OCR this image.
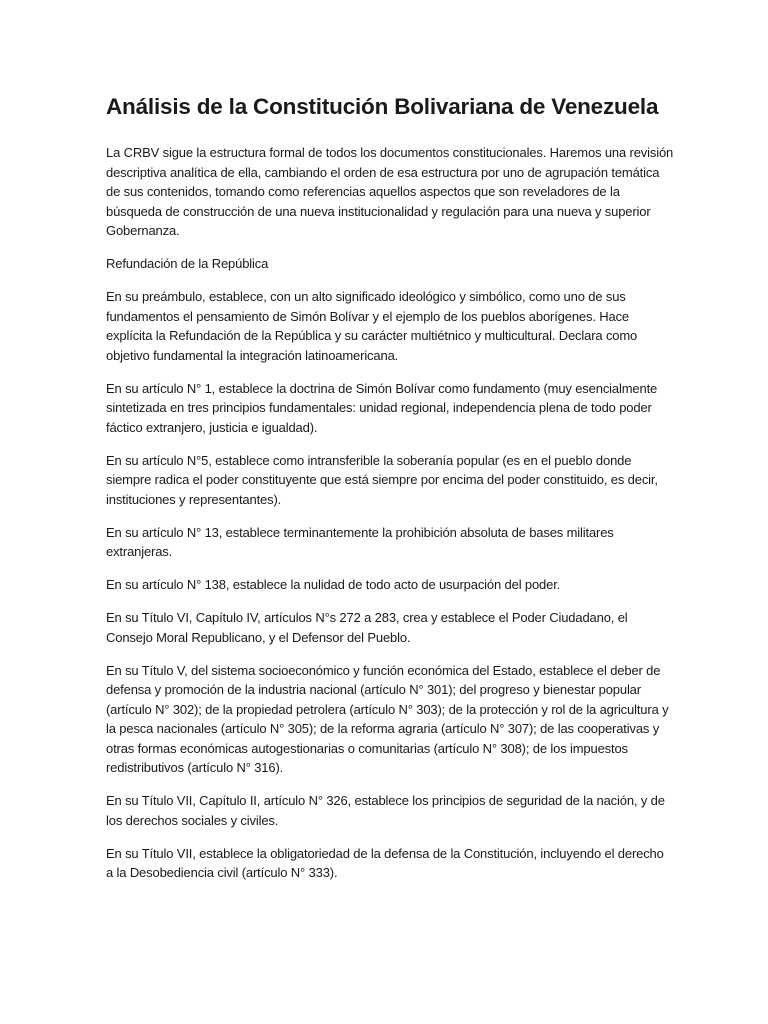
Análisis de la Constitución Bolivariana de Venezuela

La CRBV sigue la estructura formal de todos los documentos constitucionales. Haremos una revisión descriptiva analítica de ella, cambiando el orden de esa estructura por uno de agrupación temática de sus contenidos, tomando como referencias aquellos aspectos que son reveladores de la búsqueda de construcción de una nueva institucionalidad y regulación para una nueva y superior Gobernanza.

Refundación de la República

En su preámbulo, establece, con un alto significado ideológico y simbólico, como uno de sus fundamentos el pensamiento de Simón Bolívar y el ejemplo de los pueblos aborígenes. Hace explícita la Refundación de la República y su carácter multiétnico y multicultural. Declara como objetivo fundamental la integración latinoamericana.

En su artículo N° 1, establece la doctrina de Simón Bolívar como fundamento (muy esencialmente sintetizada en tres principios fundamentales: unidad regional, independencia plena de todo poder fáctico extranjero, justicia e igualdad).

En su artículo N°5, establece como intransferible la soberanía popular (es en el pueblo donde siempre radica el poder constituyente que está siempre por encima del poder constituido, es decir, instituciones y representantes).

En su artículo N° 13, establece terminantemente la prohibición absoluta de bases militares extranjeras.

En su artículo N° 138, establece la nulidad de todo acto de usurpación del poder.

En su Título VI, Capítulo IV, artículos N°s 272 a 283, crea y establece el Poder Ciudadano, el Consejo Moral Republicano, y el Defensor del Pueblo.

En su Título V, del sistema socioeconómico y función económica del Estado, establece el deber de defensa y promoción de la industria nacional (artículo N° 301); del progreso y bienestar popular (artículo N° 302); de la propiedad petrolera (artículo N° 303); de la protección y rol de la agricultura y la pesca nacionales (artículo N° 305); de la reforma agraria (artículo N° 307); de las cooperativas y otras formas económicas autogestionarias o comunitarias (artículo N° 308); de los impuestos redistributivos (artículo N° 316).

En su Título VII, Capítulo II, artículo N° 326, establece los principios de seguridad de la nación, y de los derechos sociales y civiles.

En su Título VII, establece la obligatoriedad de la defensa de la Constitución, incluyendo el derecho a la Desobediencia civil (artículo N° 333).
